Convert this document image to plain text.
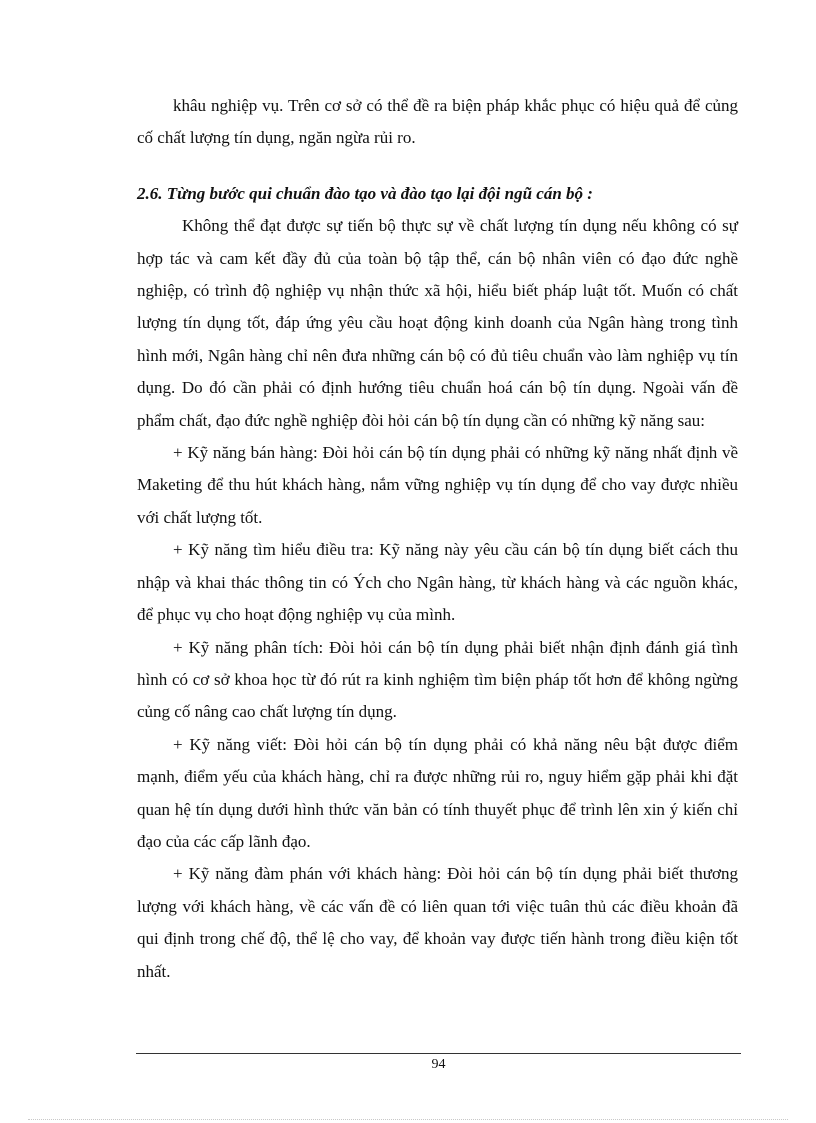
khâu nghiệp vụ. Trên cơ sở có thể đề ra biện pháp khắc phục có hiệu quả để củng cố chất lượng tín dụng, ngăn ngừa rủi ro.

2.6. Từng bước qui chuẩn đào tạo và đào tạo lại đội ngũ cán bộ :

Không thể đạt được sự tiến bộ thực sự về chất lượng tín dụng nếu không có sự hợp tác và cam kết đầy đủ của toàn bộ tập thể, cán bộ nhân viên có đạo đức nghề nghiệp, có trình độ nghiệp vụ nhận thức xã hội, hiểu biết pháp luật tốt. Muốn có chất lượng tín dụng tốt, đáp ứng yêu cầu hoạt động kinh doanh của Ngân hàng trong tình hình mới, Ngân hàng chỉ nên đưa những cán bộ có đủ tiêu chuẩn vào làm nghiệp vụ tín dụng. Do đó cần phải có định hướng tiêu chuẩn hoá cán bộ tín dụng. Ngoài vấn đề phẩm chất, đạo đức nghề nghiệp đòi hỏi cán bộ tín dụng cần có những kỹ năng sau:

+ Kỹ năng bán hàng: Đòi hỏi cán bộ tín dụng phải có những kỹ năng nhất định về Maketing để thu hút khách hàng, nắm vững nghiệp vụ tín dụng để cho vay được nhiều với chất lượng tốt.

+ Kỹ năng tìm hiểu điều tra: Kỹ năng này yêu cầu cán bộ tín dụng biết cách thu nhập và khai thác thông tin có Ých cho Ngân hàng, từ khách hàng và các nguồn khác, để phục vụ cho hoạt động nghiệp vụ của mình.

+ Kỹ năng phân tích: Đòi hỏi cán bộ tín dụng phải biết nhận định đánh giá tình hình có cơ sở khoa học từ đó rút ra kinh nghiệm tìm biện pháp tốt hơn để không ngừng củng cố nâng cao chất lượng tín dụng.

+ Kỹ năng viết: Đòi hỏi cán bộ tín dụng phải có khả năng nêu bật được điểm mạnh, điểm yếu của khách hàng, chỉ ra được những rủi ro, nguy hiểm gặp phải khi đặt quan hệ tín dụng dưới hình thức văn bản có tính thuyết phục để trình lên xin ý kiến chỉ đạo của các cấp lãnh đạo.

+ Kỹ năng đàm phán với khách hàng: Đòi hỏi cán bộ tín dụng phải biết thương lượng với khách hàng, về các vấn đề có liên quan tới việc tuân thủ các điều khoản đã qui định trong chế độ, thể lệ cho vay, để khoản vay được tiến hành trong điều kiện tốt nhất.

94
